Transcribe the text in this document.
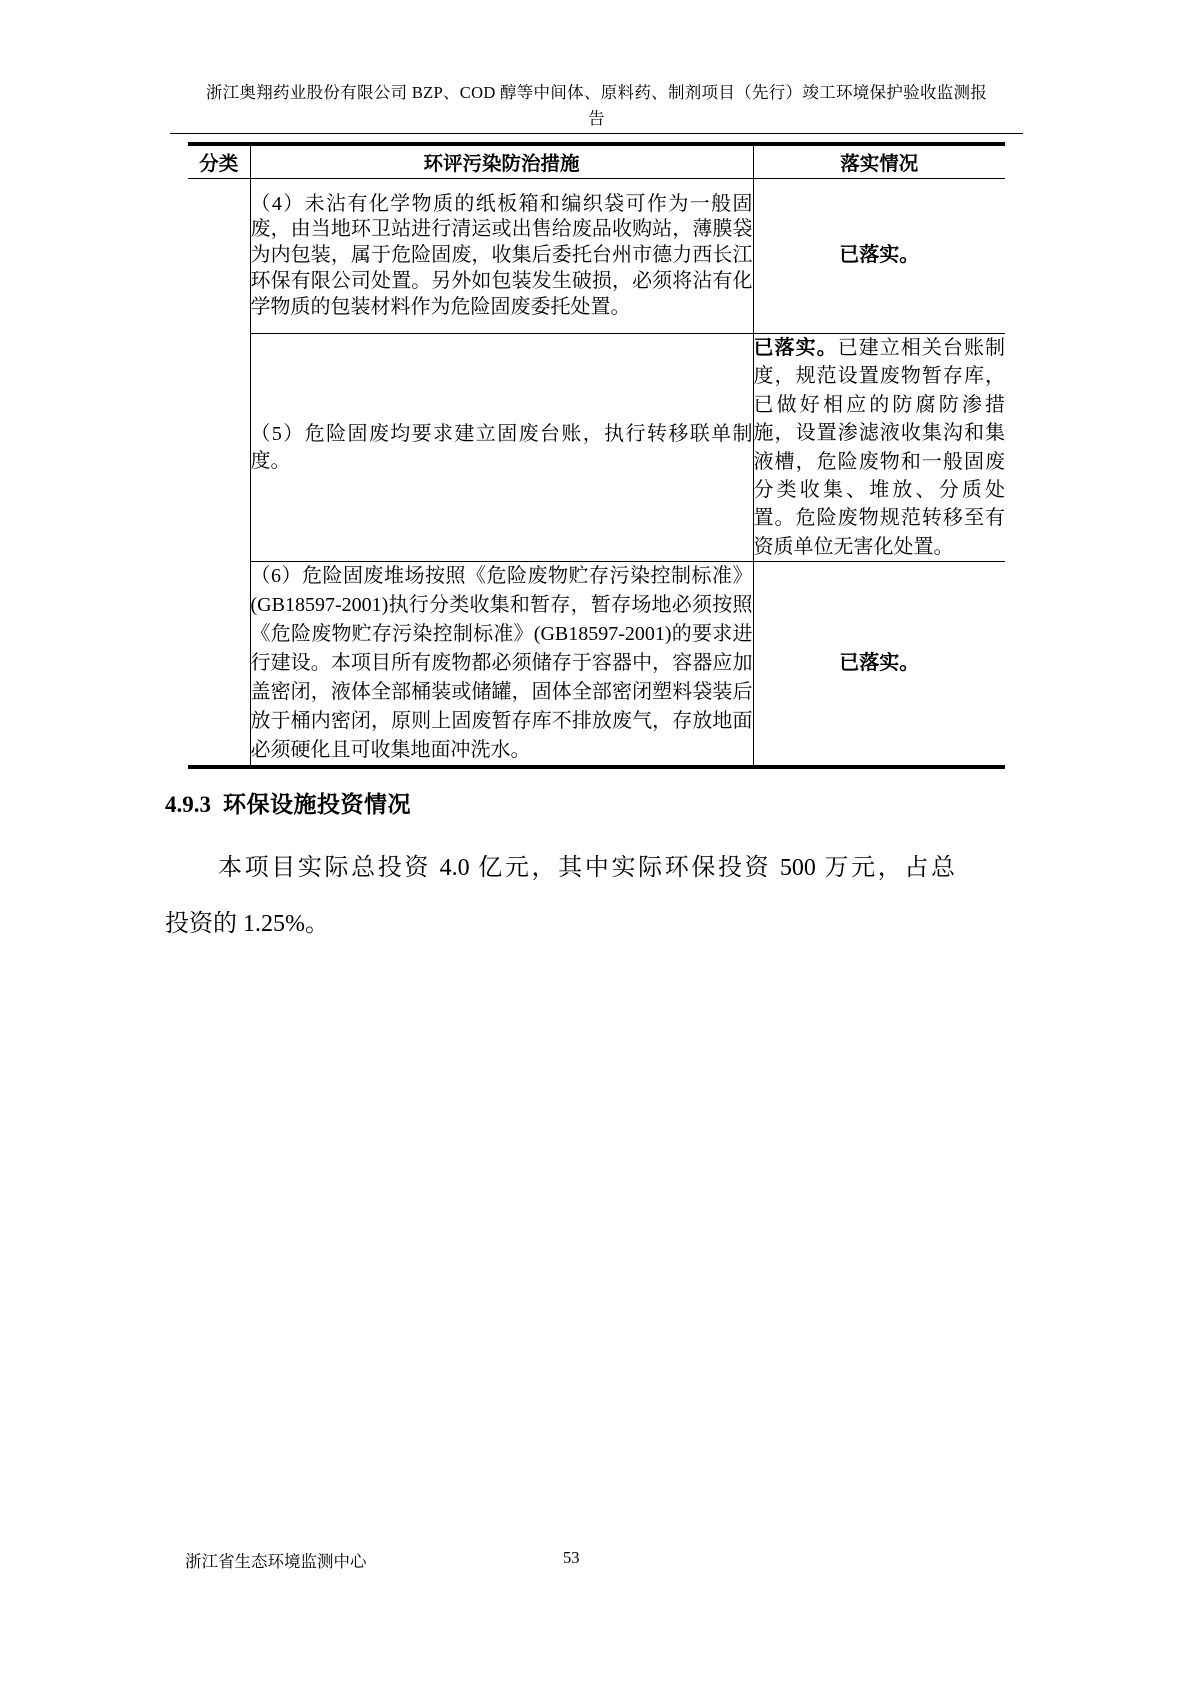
浙江奥翔药业股份有限公司 BZP、COD 醇等中间体、原料药、制剂项目（先行）竣工环境保护验收监测报
告
分类	环评污染防治措施	落实情况
	（4）未沾有化学物质的纸板箱和编织袋可作为一般固废，由当地环卫站进行清运或出售给废品收购站，薄膜袋为内包装，属于危险固废，收集后委托台州市德力西长江环保有限公司处置。另外如包装发生破损，必须将沾有化学物质的包装材料作为危险固废委托处置。	已落实。
	（5）危险固废均要求建立固废台账，执行转移联单制度。	已落实。已建立相关台账制度，规范设置废物暂存库，已做好相应的防腐防渗措施，设置渗滤液收集沟和集液槽，危险废物和一般固废分类收集、堆放、分质处置。危险废物规范转移至有资质单位无害化处置。
	（6）危险固废堆场按照《危险废物贮存污染控制标准》(GB18597-2001)执行分类收集和暂存，暂存场地必须按照《危险废物贮存污染控制标准》(GB18597-2001)的要求进行建设。本项目所有废物都必须储存于容器中，容器应加盖密闭，液体全部桶装或储罐，固体全部密闭塑料袋装后放于桶内密闭，原则上固废暂存库不排放废气，存放地面必须硬化且可收集地面冲洗水。	已落实。
4.9.3 环保设施投资情况
本项目实际总投资 4.0 亿元，其中实际环保投资 500 万元，占总
投资的 1.25%。
浙江省生态环境监测中心	53
